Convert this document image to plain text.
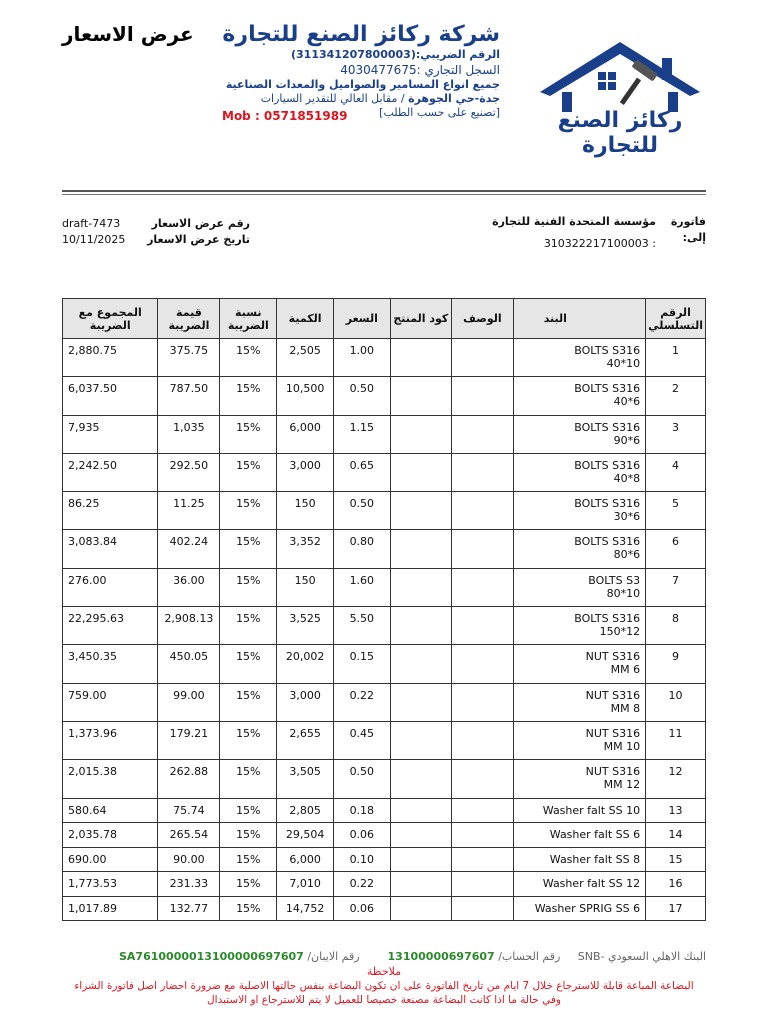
عرض الاسعار	شركة ركائز الصنع للتجارة
الرقم الضريبي:(311341207800003)
السجل التجاري :4030477675
جميع انواع المسامير والصواميل والمعدات الصناعية
جدة-حي الجوهرة / مقابل العالي للتقدير السيارات
[تصنيع على حسب الطلب]
Mob : 0571851989	ركائز الصنع للتجارة
فاتورة إلى:
مؤسسة المتحدة الفنية للتجارة
310322217100003 :
رقم عرض الاسعار
تاريخ عرض الاسعار
draft-7473
10/11/2025
الرقم التسلسلي	البند	الوصف	كود المنتج	السعر	الكمية	نسبة الضريبة	قيمة الضريبة	المجموع مع الضريبة
1	BOLTS S316
40*10			1.00	2,505	15%	375.75	2,880.75
2	BOLTS S316
40*6			0.50	10,500	15%	787.50	6,037.50
3	BOLTS S316
90*6			1.15	6,000	15%	1,035	7,935
4	BOLTS S316
40*8			0.65	3,000	15%	292.50	2,242.50
5	BOLTS S316
30*6			0.50	150	15%	11.25	86.25
6	BOLTS S316
80*6			0.80	3,352	15%	402.24	3,083.84
7	BOLTS S3
80*10			1.60	150	15%	36.00	276.00
8	BOLTS S316
150*12			5.50	3,525	15%	2,908.13	22,295.63
9	NUT S316
MM 6			0.15	20,002	15%	450.05	3,450.35
10	NUT S316
MM 8			0.22	3,000	15%	99.00	759.00
11	NUT S316
MM 10			0.45	2,655	15%	179.21	1,373.96
12	NUT S316
MM 12			0.50	3,505	15%	262.88	2,015.38
13	Washer falt SS 10			0.18	2,805	15%	75.74	580.64
14	Washer falt SS 6			0.06	29,504	15%	265.54	2,035.78
15	Washer falt SS 8			0.10	6,000	15%	90.00	690.00
16	Washer falt SS 12			0.22	7,010	15%	231.33	1,773.53
17	Washer SPRIG SS 6			0.06	14,752	15%	132.77	1,017.89
البنك الاهلي السعودي -SNB     رقم الحساب/ 13100000697607        رقم الايبان/ SA7610000013100000697607
ملاحظة
البضاعة المباعة قابلة للاسترجاع خلال 7 ايام من تاريخ الفاتورة على ان تكون البضاعة بنفس حالتها الاصلية مع ضرورة احضار اصل فاتورة الشراء
وفي حالة ما اذا كانت البضاعة مصنعة خصيصا للعميل لا يتم للاسترجاع او الاستبدال
